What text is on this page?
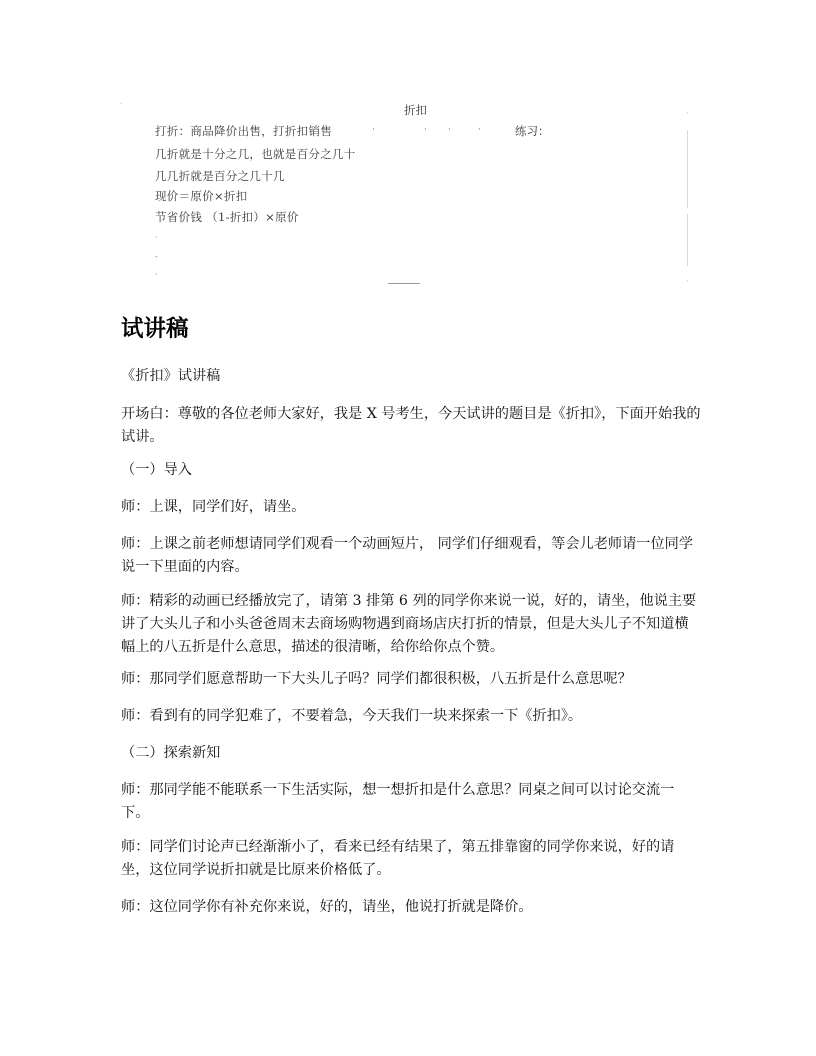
˻
·
·
折扣
打折：商品降价出售，打折扣销售	·	· ·	·	练习：
几折就是十分之几，也就是百分之几十
几几折就是百分之几十几
现价＝原价×折扣
节省价钱 （1-折扣）×原价
·
-
·
试讲稿

《折扣》试讲稿

开场白：尊敬的各位老师大家好，我是 X 号考生，今天试讲的题目是《折扣》，下面开始我的试讲。

（一）导入

师：上课，同学们好，请坐。

师：上课之前老师想请同学们观看一个动画短片， 同学们仔细观看，等会儿老师请一位同学说一下里面的内容。

师：精彩的动画已经播放完了，请第 3 排第 6 列的同学你来说一说，好的，请坐，他说主要讲了大头儿子和小头爸爸周末去商场购物遇到商场店庆打折的情景，但是大头儿子不知道横幅上的八五折是什么意思，描述的很清晰，给你给你点个赞。

师：那同学们愿意帮助一下大头儿子吗？同学们都很积极，八五折是什么意思呢？

师：看到有的同学犯难了，不要着急，今天我们一块来探索一下《折扣》。

（二）探索新知

师：那同学能不能联系一下生活实际，想一想折扣是什么意思？同桌之间可以讨论交流一下。

师：同学们讨论声已经渐渐小了，看来已经有结果了，第五排靠窗的同学你来说，好的请坐，这位同学说折扣就是比原来价格低了。

师：这位同学你有补充你来说，好的，请坐，他说打折就是降价。
